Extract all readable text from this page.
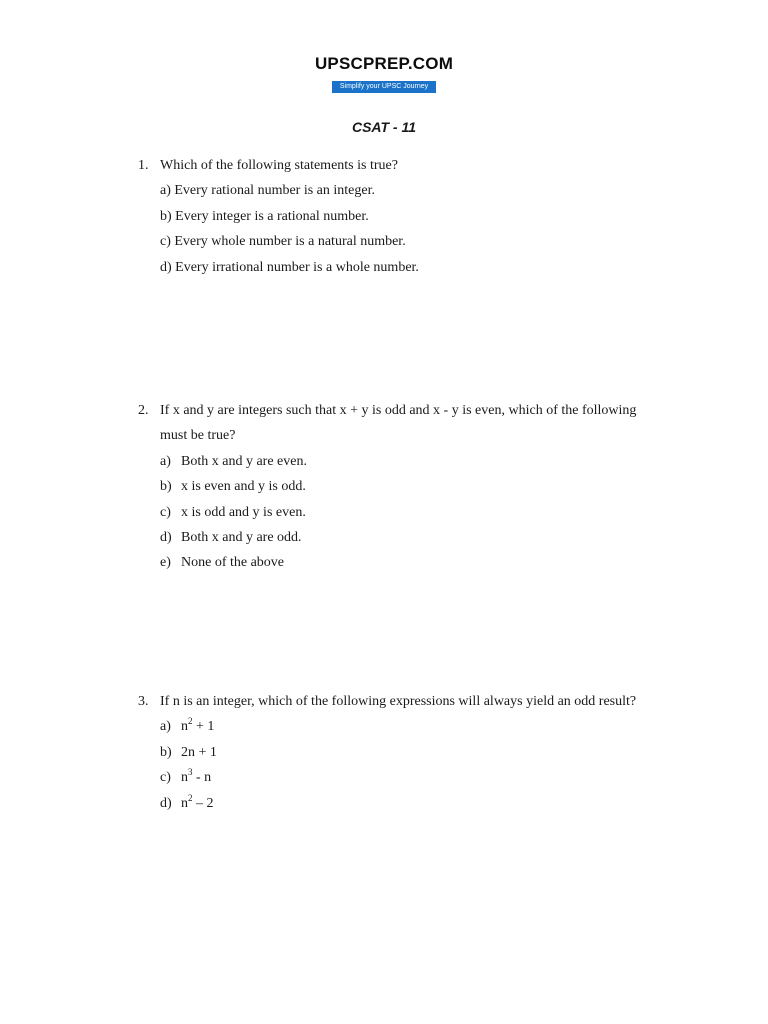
UPSCPREP.COM
Simplify your UPSC Journey
CSAT - 11
1. Which of the following statements is true?
a) Every rational number is an integer.
b) Every integer is a rational number.
c) Every whole number is a natural number.
d) Every irrational number is a whole number.
2. If x and y are integers such that x + y is odd and x - y is even, which of the following must be true?
a) Both x and y are even.
b) x is even and y is odd.
c) x is odd and y is even.
d) Both x and y are odd.
e) None of the above
3. If n is an integer, which of the following expressions will always yield an odd result?
a) $n^2 + 1$
b) 2n + 1
c) $n^3$ - n
d) $n^2 - 2$
